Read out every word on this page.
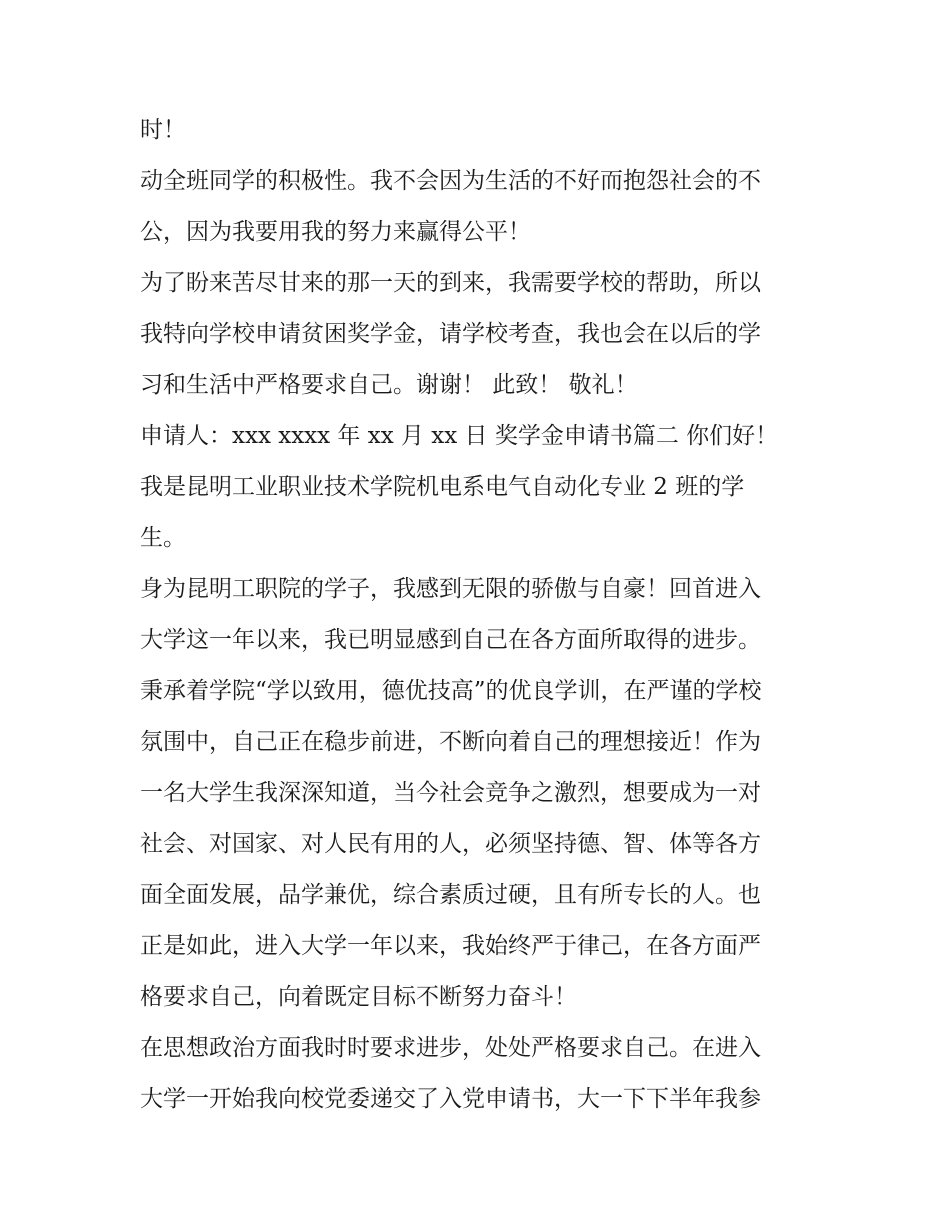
时！
动全班同学的积极性。我不会因为生活的不好而抱怨社会的不
公，因为我要用我的努力来赢得公平！
为了盼来苦尽甘来的那一天的到来，我需要学校的帮助，所以
我特向学校申请贫困奖学金，请学校考查，我也会在以后的学
习和生活中严格要求自己。谢谢！ 此致！ 敬礼！
申请人：xxx xxxx 年 xx 月 xx 日 奖学金申请书篇二 你们好！
我是昆明工业职业技术学院机电系电气自动化专业 2 班的学
生。
身为昆明工职院的学子，我感到无限的骄傲与自豪！回首进入
大学这一年以来，我已明显感到自己在各方面所取得的进步。
秉承着学院“学以致用，德优技高”的优良学训，在严谨的学校
氛围中，自己正在稳步前进，不断向着自己的理想接近！作为
一名大学生我深深知道，当今社会竞争之激烈，想要成为一对
社会、对国家、对人民有用的人，必须坚持德、智、体等各方
面全面发展，品学兼优，综合素质过硬，且有所专长的人。也
正是如此，进入大学一年以来，我始终严于律己，在各方面严
格要求自己，向着既定目标不断努力奋斗！
在思想政治方面我时时要求进步，处处严格要求自己。在进入
大学一开始我向校党委递交了入党申请书，大一下下半年我参
